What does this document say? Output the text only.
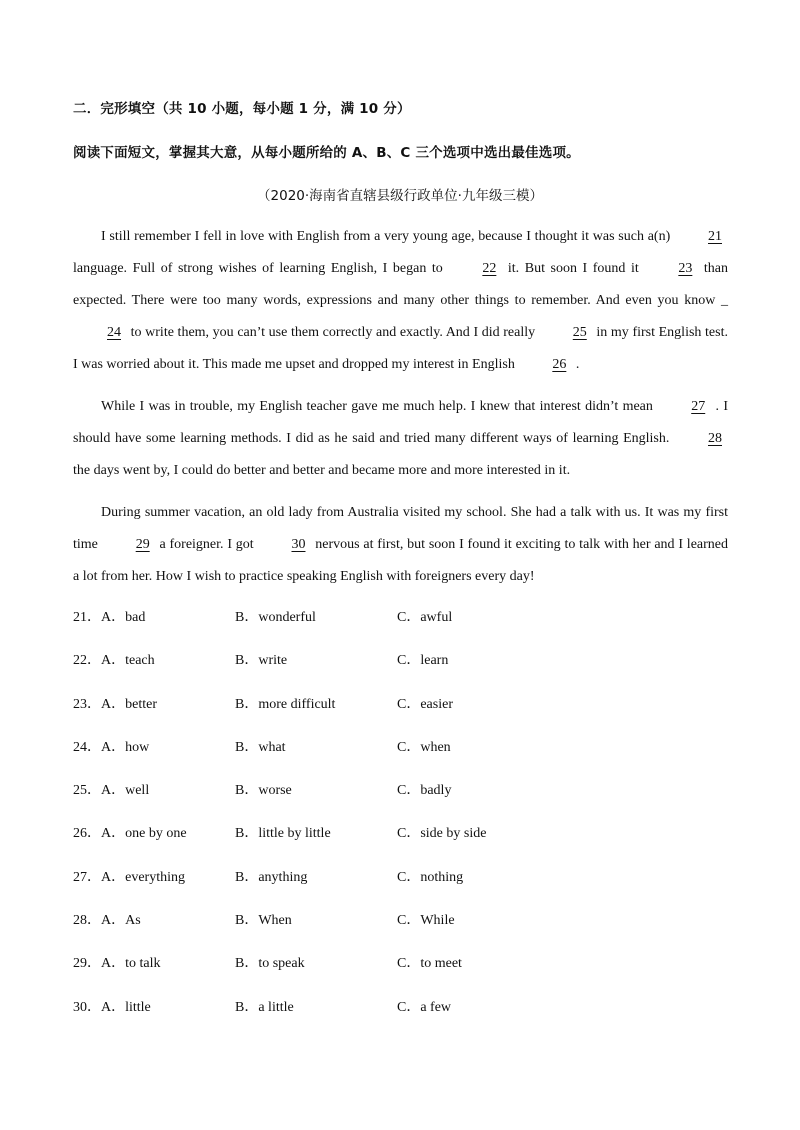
二．完形填空（共 10 小题，每小题 1 分，满 10 分）
阅读下面短文，掌握其大意，从每小题所给的 A、B、C 三个选项中选出最佳选项。
（2020·海南省直辖县级行政单位·九年级三模）

I still remember I fell in love with English from a very young age, because I thought it was such a(n) 21 language. Full of strong wishes of learning English, I began to 22 it. But soon I found it 23 than expected. There were too many words, expressions and many other things to remember. And even you know _24 to write them, you can’t use them correctly and exactly. And I did really 25 in my first English test. I was worried about it. This made me upset and dropped my interest in English 26 .

While I was in trouble, my English teacher gave me much help. I knew that interest didn’t mean 27 . I should have some learning methods. I did as he said and tried many different ways of learning English. 28 the days went by, I could do better and better and became more and more interested in it.

During summer vacation, an old lady from Australia visited my school. She had a talk with us. It was my first time 29 a foreigner. I got 30 nervous at first, but soon I found it exciting to talk with her and I learned a lot from her. How I wish to practice speaking English with foreigners every day!

21．A．bad	B．wonderful	C．awful
22．A．teach	B．write	C．learn
23．A．better	B．more difficult	C．easier
24．A．how	B．what	C．when
25．A．well	B．worse	C．badly
26．A．one by one	B．little by little	C．side by side
27．A．everything	B．anything	C．nothing
28．A．As	B．When	C．While
29．A．to talk	B．to speak	C．to meet
30．A．little	B．a little	C．a few
